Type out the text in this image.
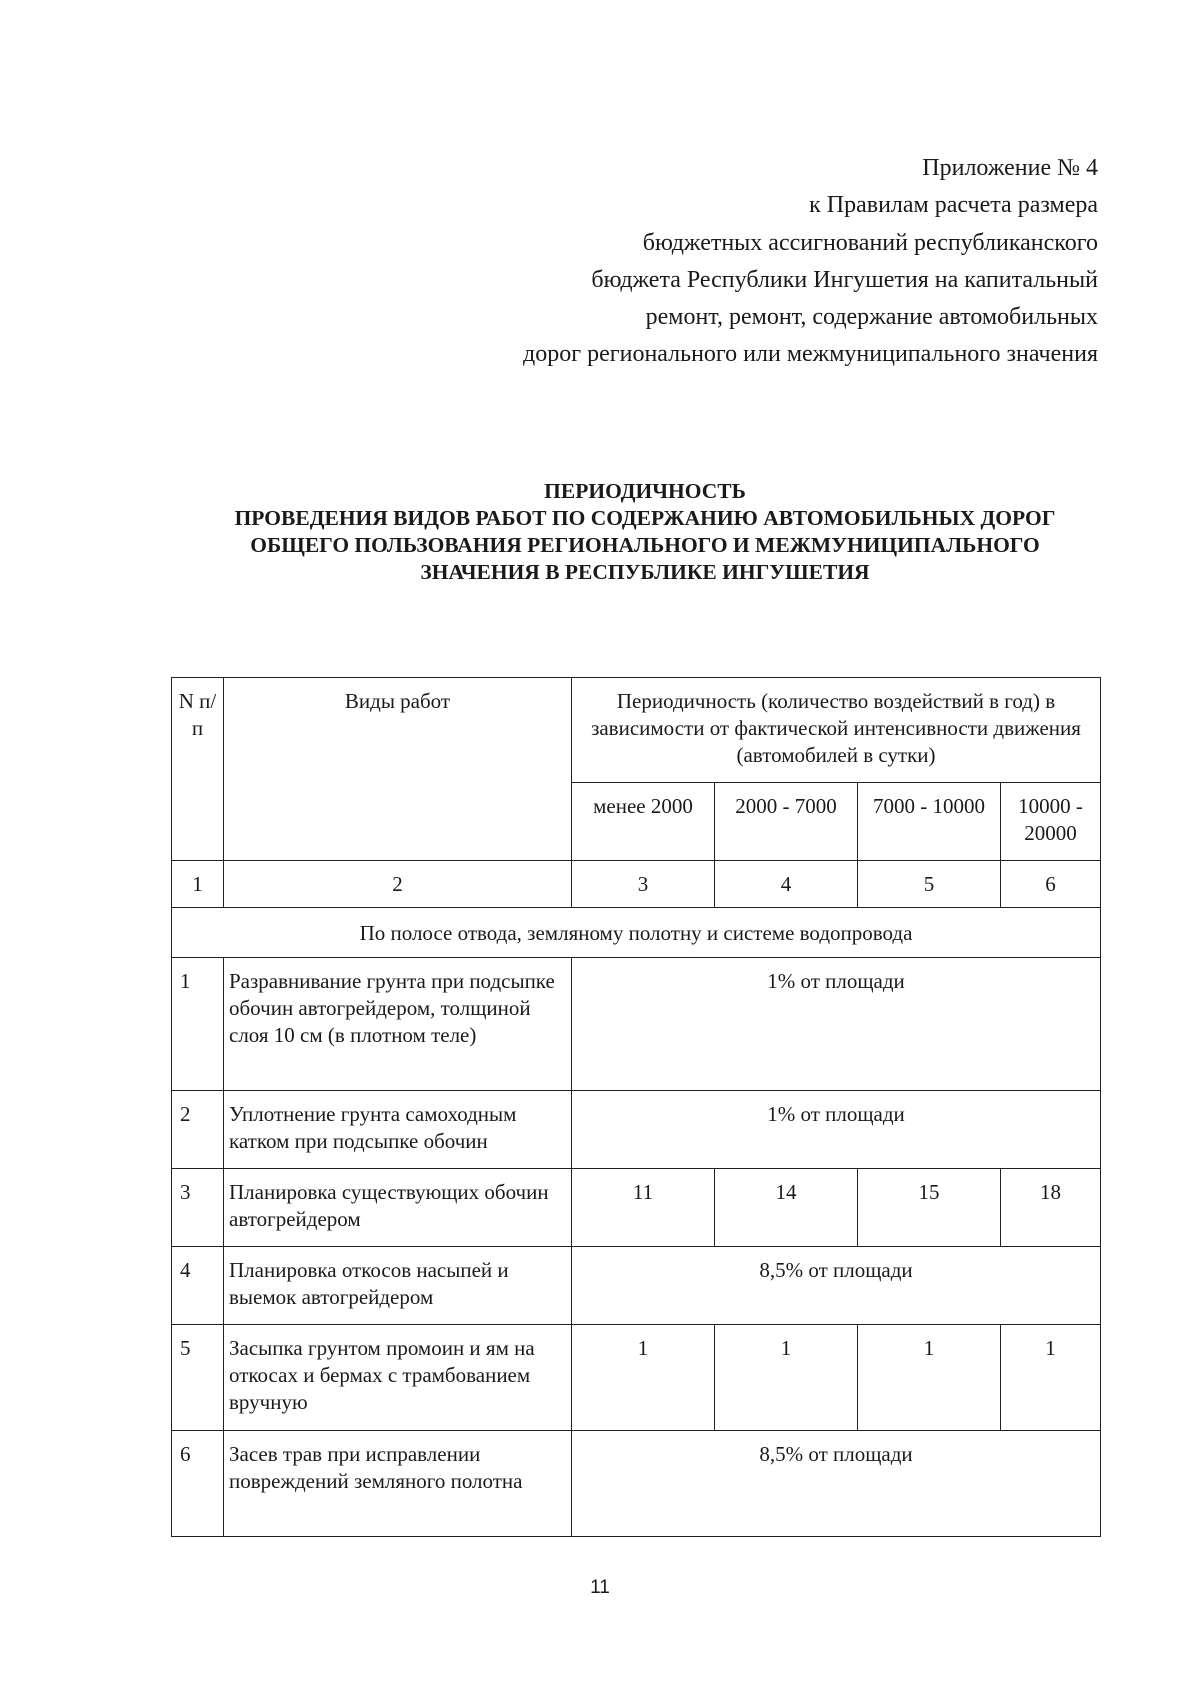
Приложение № 4
к Правилам расчета размера
бюджетных ассигнований республиканского
бюджета Республики Ингушетия на капитальный
ремонт, ремонт, содержание автомобильных
дорог регионального или межмуниципального значения
ПЕРИОДИЧНОСТЬ
ПРОВЕДЕНИЯ ВИДОВ РАБОТ ПО СОДЕРЖАНИЮ АВТОМОБИЛЬНЫХ ДОРОГ
ОБЩЕГО ПОЛЬЗОВАНИЯ РЕГИОНАЛЬНОГО И МЕЖМУНИЦИПАЛЬНОГО
ЗНАЧЕНИЯ В РЕСПУБЛИКЕ ИНГУШЕТИЯ
N п/п	Виды работ	Периодичность (количество воздействий в год) в зависимости от фактической интенсивности движения (автомобилей в сутки)			
		менее 2000	2000 - 7000	7000 - 10000	10000 - 20000
1	2	3	4	5	6
По полосе отвода, земляному полотну и системе водопровода					
1	Разравнивание грунта при подсыпке обочин автогрейдером, толщиной слоя 10 см (в плотном теле)	1% от площади			
2	Уплотнение грунта самоходным катком при подсыпке обочин	1% от площади			
3	Планировка существующих обочин автогрейдером	11	14	15	18
4	Планировка откосов насыпей и выемок автогрейдером	8,5% от площади			
5	Засыпка грунтом промоин и ям на откосах и бермах с трамбованием вручную	1	1	1	1
6	Засев трав при исправлении повреждений земляного полотна	8,5% от площади			
11
